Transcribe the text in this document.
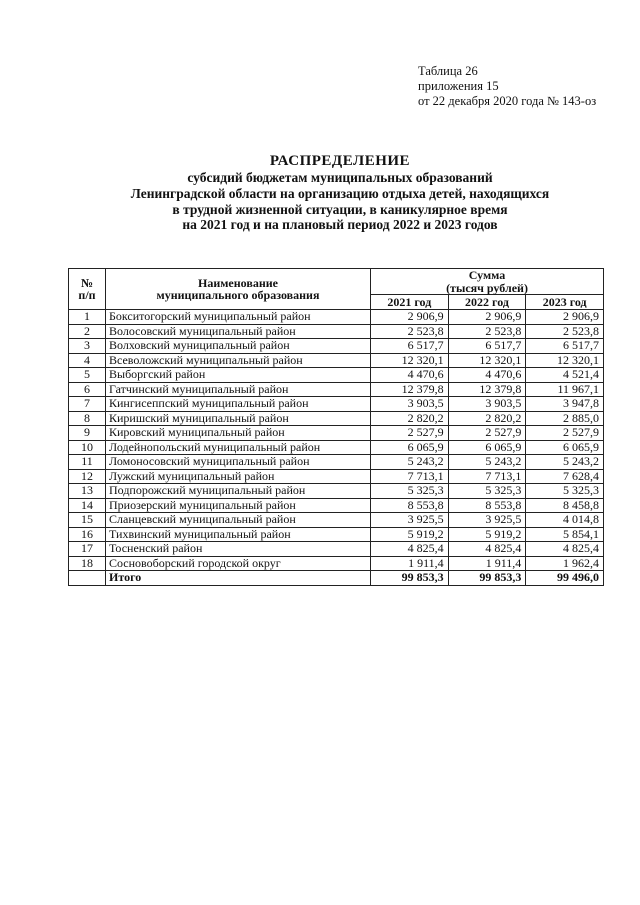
Таблица 26
приложения 15
от 22 декабря 2020 года № 143-оз
РАСПРЕДЕЛЕНИЕ
субсидий бюджетам муниципальных образований
Ленинградской области на организацию отдыха детей, находящихся
в трудной жизненной ситуации, в каникулярное время
на 2021 год и на плановый период 2022 и 2023 годов
№
п/п	Наименование
муниципального образования	Сумма
(тысяч рублей)		
		2021 год	2022 год	2023 год
1	Бокситогорский муниципальный район	2 906,9	2 906,9	2 906,9
2	Волосовский муниципальный район	2 523,8	2 523,8	2 523,8
3	Волховский муниципальный район	6 517,7	6 517,7	6 517,7
4	Всеволожский муниципальный район	12 320,1	12 320,1	12 320,1
5	Выборгский район	4 470,6	4 470,6	4 521,4
6	Гатчинский муниципальный район	12 379,8	12 379,8	11 967,1
7	Кингисеппский муниципальный район	3 903,5	3 903,5	3 947,8
8	Киришский муниципальный район	2 820,2	2 820,2	2 885,0
9	Кировский муниципальный район	2 527,9	2 527,9	2 527,9
10	Лодейнопольский муниципальный район	6 065,9	6 065,9	6 065,9
11	Ломоносовский муниципальный район	5 243,2	5 243,2	5 243,2
12	Лужский муниципальный район	7 713,1	7 713,1	7 628,4
13	Подпорожский муниципальный район	5 325,3	5 325,3	5 325,3
14	Приозерский муниципальный район	8 553,8	8 553,8	8 458,8
15	Сланцевский муниципальный район	3 925,5	3 925,5	4 014,8
16	Тихвинский муниципальный район	5 919,2	5 919,2	5 854,1
17	Тосненский район	4 825,4	4 825,4	4 825,4
18	Сосновоборский городской округ	1 911,4	1 911,4	1 962,4
	Итого	99 853,3	99 853,3	99 496,0
